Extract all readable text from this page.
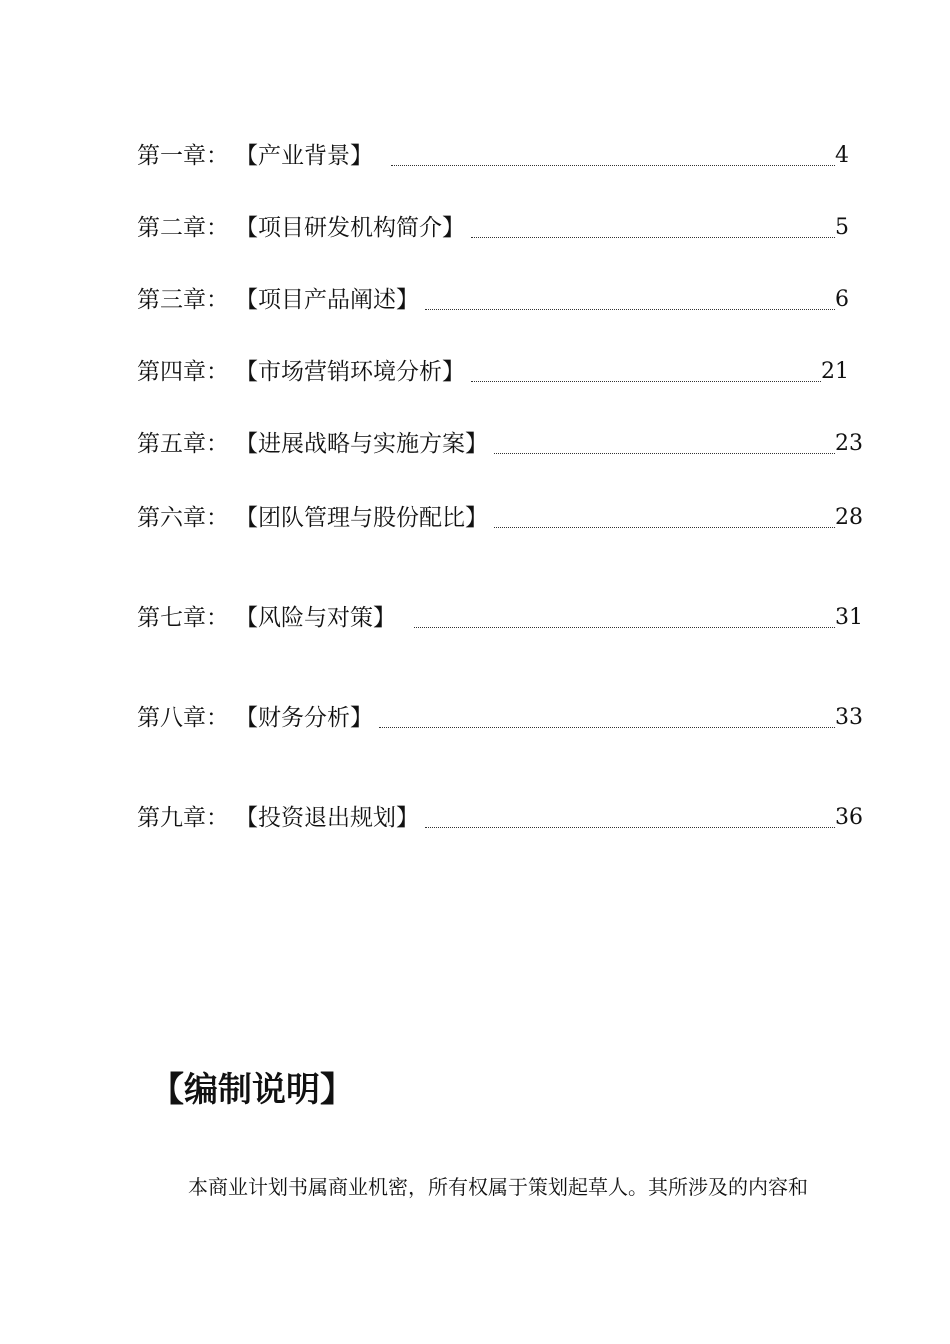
第一章： 【产业背景】	4
第二章： 【项目研发机构简介】	5
第三章： 【项目产品阐述】	6
第四章： 【市场营销环境分析】	21
第五章： 【进展战略与实施方案】	23
第六章： 【团队管理与股份配比】	28
第七章： 【风险与对策】	31
第八章： 【财务分析】	33
第九章： 【投资退出规划】	36
【编制说明】
本商业计划书属商业机密，所有权属于策划起草人。其所涉及的内容和
